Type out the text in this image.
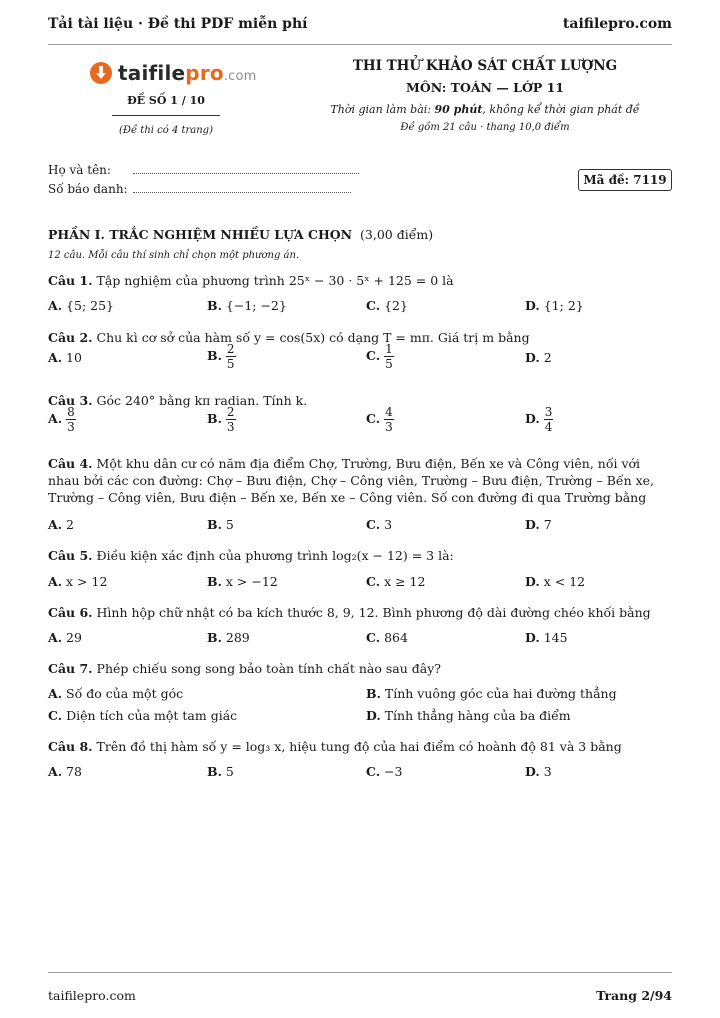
Tải tài liệu · Đề thi PDF miễn phí	taifilepro.com
taifilepro.com
ĐỀ SỐ 1 / 10
(Đề thi có 4 trang)
THI THỬ KHẢO SÁT CHẤT LƯỢNG
MÔN: TOÁN — LỚP 11
Thời gian làm bài: 90 phút, không kể thời gian phát đề
Đề gồm 21 câu · thang 10,0 điểm
Họ và tên:
Số báo danh:
Mã đề: 7119
PHẦN I. TRẮC NGHIỆM NHIỀU LỰA CHỌN (3,00 điểm)
12 câu. Mỗi câu thí sinh chỉ chọn một phương án.
Câu 1. Tập nghiệm của phương trình 25ˣ − 30 · 5ˣ + 125 = 0 là
Câu 2. Chu kì cơ sở của hàm số y = cos(5x) có dạng T = mπ. Giá trị m bằng
Câu 3. Góc 240° bằng kπ radian. Tính k.
Câu 4. Một khu dân cư có năm địa điểm Chợ, Trường, Bưu điện, Bến xe và Công viên, nối với nhau bởi các con đường: Chợ – Bưu điện, Chợ – Công viên, Trường – Bưu điện, Trường – Bến xe, Trường – Công viên, Bưu điện – Bến xe, Bến xe – Công viên. Số con đường đi qua Trường bằng
Câu 5. Điều kiện xác định của phương trình log₂(x − 12) = 3 là:
Câu 6. Hình hộp chữ nhật có ba kích thước 8, 9, 12. Bình phương độ dài đường chéo khối bằng
Câu 7. Phép chiếu song song bảo toàn tính chất nào sau đây?
Câu 8. Trên đồ thị hàm số y = log₃ x, hiệu tung độ của hai điểm có hoành độ 81 và 3 bằng
A. {5; 25}	B. {−1; −2}	C. {2}	D. {1; 2}
A. 10	B. $\frac{2}{5}$	C. $\frac{1}{5}$	D. 2
A. $\frac{8}{3}$	B. $\frac{2}{3}$	C. $\frac{4}{3}$	D. $\frac{3}{4}$
A. 2	B. 5	C. 3	D. 7
A. x > 12	B. x > −12	C. x ≥ 12	D. x < 12
A. 29	B. 289	C. 864	D. 145
A. Số đo của một góc	B. Tính vuông góc của hai đường thẳng
C. Diện tích của một tam giác	D. Tính thẳng hàng của ba điểm
A. 78	B. 5	C. −3	D. 3
taifilepro.com	Trang 2/94
